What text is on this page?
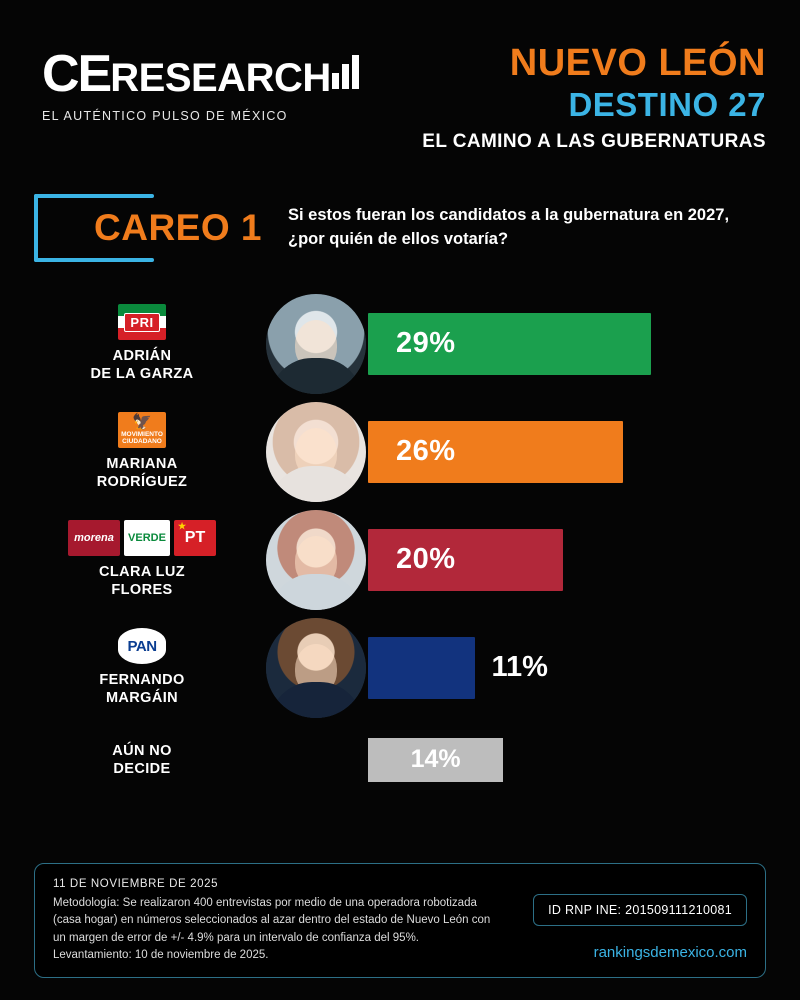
CE RESEARCH
EL AUTÉNTICO PULSO DE MÉXICO
NUEVO LEÓN
DESTINO 27
EL CAMINO A LAS GUBERNATURAS
CAREO 1 Si estos fueran los candidatos a la gubernatura en 2027, ¿por quién de ellos votaría?
PRI
ADRIÁN
DE LA GARZA
29%
🦅
MOVIMIENTO
CIUDADANO
MARIANA
RODRÍGUEZ
26%
morena VERDE
★
PT
CLARA LUZ
FLORES
20%
PAN
FERNANDO
MARGÁIN
11%
AÚN NO
DECIDE	14%
11 DE NOVIEMBRE DE 2025
Metodología: Se realizaron 400 entrevistas por medio de una operadora robotizada (casa hogar) en números seleccionados al azar dentro del estado de Nuevo León con un margen de error de +/- 4.9% para un intervalo de confianza del 95%.
Levantamiento: 10 de noviembre de 2025.
ID RNP INE: 201509111210081
rankingsdemexico.com
